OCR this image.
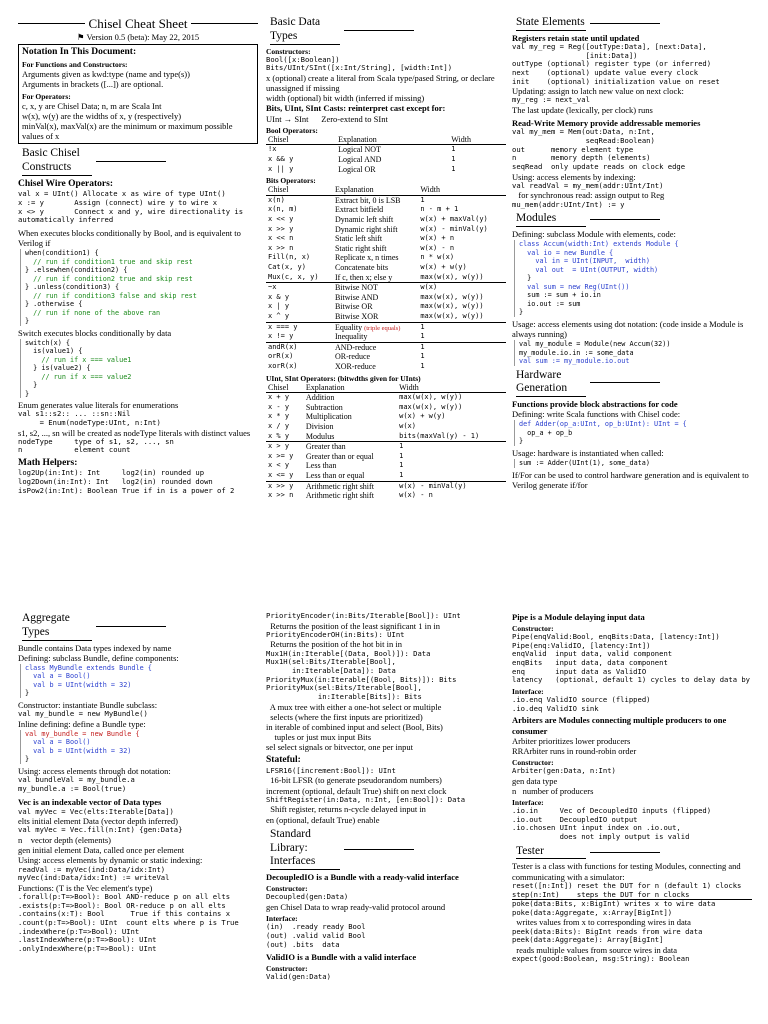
Chisel Cheat Sheet
⚑ Version 0.5 (beta): May 22, 2015
Notation In This Document:
For Functions and Constructors:
Arguments given as kwd:type (name and type(s))
Arguments in brackets ([...]) are optional.
For Operators:
c, x, y are Chisel Data; n, m are Scala Int
w(x), w(y) are the widths of x, y (respectively)
minVal(x), maxVal(x) are the minimum or maximum possible values of x
Basic Chisel Constructs
Chisel Wire Operators:
val x = UInt() Allocate x as wire of type UInt()
x := y       Assign (connect) wire y to wire x
x <> y       Connect x and y, wire directionality is automatically inferred
When executes blocks conditionally by Bool, and is equivalent to Verilog if
when(condition1) {
// run if condition1 true and skip rest
} .elsewhen(condition2) {
// run if condition2 true and skip rest
} .unless(condition3) {
// run if condition3 false and skip rest
} .otherwise {
// run if none of the above ran
}
Switch executes blocks conditionally by data
switch(x) {
is(value1) {
// run if x === value1
} is(value2) {
// run if x === value2
}
}
Enum generates value literals for enumerations
val s1::s2:: ... ::sn::Nil
= Enum(nodeType:UInt, n:Int)
s1, s2, ..., sn will be created as nodeType literals with distinct values
nodeType     type of s1, s2, ..., sn
n            element count
Math Helpers:
log2Up(in:Int): Int     log2(in) rounded up
log2Down(in:Int): Int   log2(in) rounded down
isPow2(in:Int): Boolean True if in is a power of 2
Basic Data Types
Constructors:
Bool([x:Boolean])
Bits/UInt/SInt([x:Int/String], [width:Int])
x (optional) create a literal from Scala type/pased String, or declare unassigned if missing
width (optional) bit width (inferred if missing)
Bits, UInt, SInt Casts: reinterpret cast except for:
UInt → SInt      Zero-extend to SInt
Bool Operators:
Chisel	Explanation	Width
!x	Logical NOT	1
x && y	Logical AND	1
x || y	Logical OR	1
Bits Operators:
Chisel	Explanation	Width
x(n)	Extract bit, 0 is LSB	1
x(n, m)	Extract bitfield	n - m + 1
x << y	Dynamic left shift	w(x) + maxVal(y)
x >> y	Dynamic right shift	w(x) - minVal(y)
x << n	Static left shift	w(x) + n
x >> n	Static right shift	w(x) - n
Fill(n, x)	Replicate x, n times	n * w(x)
Cat(x, y)	Concatenate bits	w(x) + w(y)
Mux(c, x, y)	If c, then x; else y	max(w(x), w(y))
~x	Bitwise NOT	w(x)
x & y	Bitwise AND	max(w(x), w(y))
x | y	Bitwise OR	max(w(x), w(y))
x ^ y	Bitwise XOR	max(w(x), w(y))
x === y	Equality (triple equals)	1
x != y	Inequality	1
andR(x)	AND-reduce	1
orR(x)	OR-reduce	1
xorR(x)	XOR-reduce	1
UInt, SInt Operators: (bitwdths given for UInts)
Chisel	Explanation	Width
x + y	Addition	max(w(x), w(y))
x - y	Subtraction	max(w(x), w(y))
x * y	Multiplication	w(x) + w(y)
x / y	Division	w(x)
x % y	Modulus	bits(maxVal(y) - 1)
x > y	Greater than	1
x >= y	Greater than or equal	1
x < y	Less than	1
x <= y	Less than or equal	1
x >> y	Arithmetic right shift	w(x) - minVal(y)
x >> n	Arithmetic right shift	w(x) - n
State Elements
Registers retain state until updated
val my_reg = Reg([outType:Data], [next:Data],
[init:Data])
outType (optional) register type (or inferred)
next    (optional) update value every clock
init    (optional) initialization value on reset
Updating: assign to latch new value on next clock:
my_reg := next_val
The last update (lexically, per clock) runs
Read-Write Memory provide addressable memories
val my_mem = Mem(out:Data, n:Int,
seqRead:Boolean)
out      memory element type
n        memory depth (elements)
seqRead  only update reads on clock edge
Using: access elements by indexing:
val readVal = my_mem(addr:UInt/Int)
for synchronous read: assign output to Reg
mu_mem(addr:UInt/Int) := y
Modules
Defining: subclass Module with elements, code:
class Accum(width:Int) extends Module {
val io = new Bundle {
val in = UInt(INPUT,  width)
val out  = UInt(OUTPUT, width)
}
val sum = new Reg(UInt())
sum := sum + io.in
io.out := sum
}
Usage: access elements using dot notation: (code inside a Module is always running)
val my_module = Module(new Accum(32))
my_module.io.in := some_data
val sum := my_module.io.out
Hardware Generation
Functions provide block abstractions for code
Defining: write Scala functions with Chisel code:
def Adder(op_a:UInt, op_b:UInt): UInt = {
op_a + op_b
}
Usage: hardware is instantiated when called:
sum := Adder(UInt(1), some_data)
If/For can be used to control hardware generation and is equivalent to Verilog generate if/for
Aggregate Types
Bundle contains Data types indexed by name
Defining: subclass Bundle, define components:
class MyBundle extends Bundle {
val a = Bool()
val b = UInt(width = 32)
}
Constructor: instantiate Bundle subclass:
val my_bundle = new MyBundle()
Inline defining: define a Bundle type:
val my_bundle = new Bundle {
val a = Bool()
val b = UInt(width = 32)
}
Using: access elements through dot notation:
val bundleVal = my_bundle.a
my_bundle.a := Bool(true)
Vec is an indexable vector of Data types
val myVec = Vec(elts:Iterable[Data])
elts initial element Data (vector depth inferred)
val myVec = Vec.fill(n:Int) {gen:Data}
n    vector depth (elements)
gen initial element Data, called once per element
Using: access elements by dynamic or static indexing:
readVal := myVec(ind:Data/idx:Int)
myVec(ind:Data/idx:Int) := writeVal
Functions: (T is the Vec element's type)
.forall(p:T=>Bool): Bool AND-reduce p on all elts
.exists(p:T=>Bool): Bool OR-reduce p on all elts
.contains(x:T): Bool      True if this contains x
.count(p:T=>Bool): UInt  count elts where p is True
.indexWhere(p:T=>Bool): UInt
.lastIndexWhere(p:T=>Bool): UInt
.onlyIndexWhere(p:T=>Bool): UInt
PriorityEncoder(in:Bits/Iterable[Bool]): UInt
Returns the position of the least significant 1 in in
PriorityEncoderOH(in:Bits): UInt
Returns the position of the hot bit in in
Mux1H(in:Iterable[(Data, Bool)]): Data
Mux1H(sel:Bits/Iterable[Bool],
in:Iterable[Data]): Data
PriorityMux(in:Iterable[(Bool, Bits)]): Bits
PriorityMux(sel:Bits/Iterable[Bool],
in:Iterable[Bits]): Bits
A mux tree with either a one-hot select or multiple
selects (where the first inputs are prioritized)
in iterable of combined input and select (Bool, Bits)
tuples or just mux input Bits
sel select signals or bitvector, one per input
Stateful:
LFSR16([increment:Bool]): UInt
16-bit LFSR (to generate pseudorandom numbers)
increment (optional, default True) shift on next clock
ShiftRegister(in:Data, n:Int, [en:Bool]): Data
Shift register, returns n-cycle delayed input in
en (optional, default True) enable
Standard Library: Interfaces
DecoupledIO is a Bundle with a ready-valid interface
Constructor:
Decoupled(gen:Data)
gen Chisel Data to wrap ready-valid protocol around
Interface:
(in)  .ready ready Bool
(out) .valid valid Bool
(out) .bits  data
ValidIO is a Bundle with a valid interface
Constructor:
Valid(gen:Data)
Pipe is a Module delaying input data
Constructor:
Pipe(enqValid:Bool, enqBits:Data, [latency:Int])
Pipe(enq:ValidIO, [latency:Int])
enqValid  input data, valid component
enqBits   input data, data component
enq       input data as ValidIO
latency   (optional, default 1) cycles to delay data by
Interface:
.io.enq ValidIO source (flipped)
.io.deq ValidIO sink
Arbiters are Modules connecting multiple producers to one consumer
Arbiter prioritizes lower producers
RRArbiter runs in round-robin order
Constructor:
Arbiter(gen:Data, n:Int)
gen data type
n   number of producers
Interface:
.io.in     Vec of DecoupledIO inputs (flipped)
.io.out    DecoupledIO output
.io.chosen UInt input index on .io.out,
does not imply output is valid
Tester
Tester is a class with functions for testing Modules, connecting and communicating with a simulator:
reset([n:Int]) reset the DUT for n (default 1) clocks
step(n:Int)    steps the DUT for n clocks
poke(data:Bits, x:BigInt) writes x to wire data
poke(data:Aggregate, x:Array[BigInt])
writes values from x to corresponding wires in data
peek(data:Bits): BigInt reads from wire data
peek(data:Aggregate): Array[BigInt]
reads multiple values from source wires in data
expect(good:Boolean, msg:String): Boolean
